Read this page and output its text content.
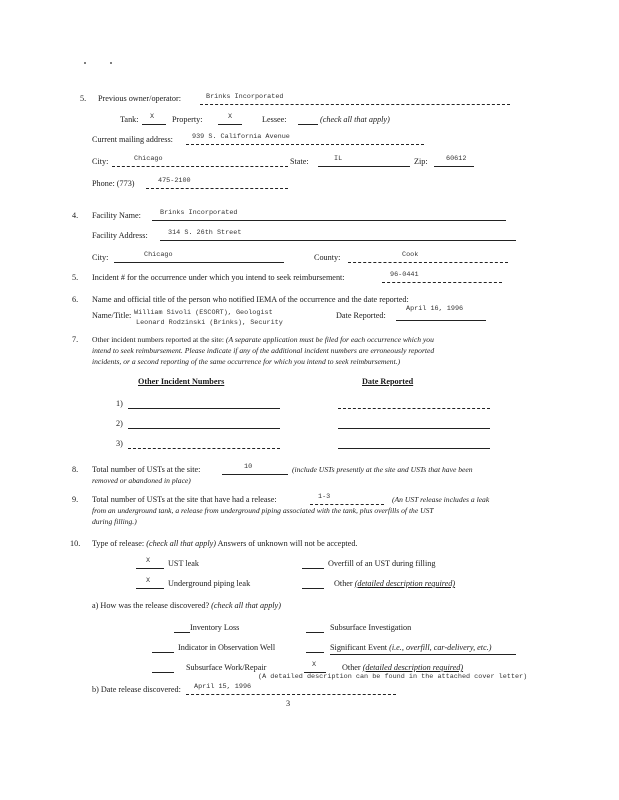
5. Previous owner/operator:	Brinks Incorporated
Tank: X Property:	X	Lessee:	(check all that apply)
Current mailing address:	939 S. California Avenue
City:	Chicago	State:	IL	Zip:	60612
Phone: (773)	475-2100
4. Facility Name:	Brinks Incorporated
Facility Address:	314 S. 26th Street
City:	Chicago	County:	Cook
5. Incident # for the occurrence under which you intend to seek reimbursement:	96-0441
6. Name and official title of the person who notified IEMA of the occurrence and the date reported:
Name/Title: William Sivoli (ESCORT), Geologist
Leonard Rodzinski (Brinks), Security
Date Reported:
April 16, 1996
7. Other incident numbers reported at the site: (A separate application must be filed for each occurrence which you
intend to seek reimbursement. Please indicate if any of the additional incident numbers are erroneously reported
incidents, or a second reporting of the same occurrence for which you intend to seek reimbursement.)
Other Incident Numbers	Date Reported
1)
2)
3)
8. Total number of USTs at the site:	10	(include USTs presently at the site and USTs that have been
removed or abandoned in place)
9. Total number of USTs at the site that have had a release:	1-3	(An UST release includes a leak
from an underground tank, a release from underground piping associated with the tank, plus overfills of the UST
during filling.)
10. Type of release: (check all that apply) Answers of unknown will not be accepted.
X UST leak	Overfill of an UST during filling
X Underground piping leak	Other (detailed description required)
a) How was the release discovered? (check all that apply)
Inventory Loss	Subsurface Investigation
Indicator in Observation Well	Significant Event (i.e., overfill, car-delivery, etc.)
Subsurface Work/Repair	X	Other (detailed description required)
(A detailed description can be found in the attached cover letter)
b) Date release discovered: April 15, 1996
3
